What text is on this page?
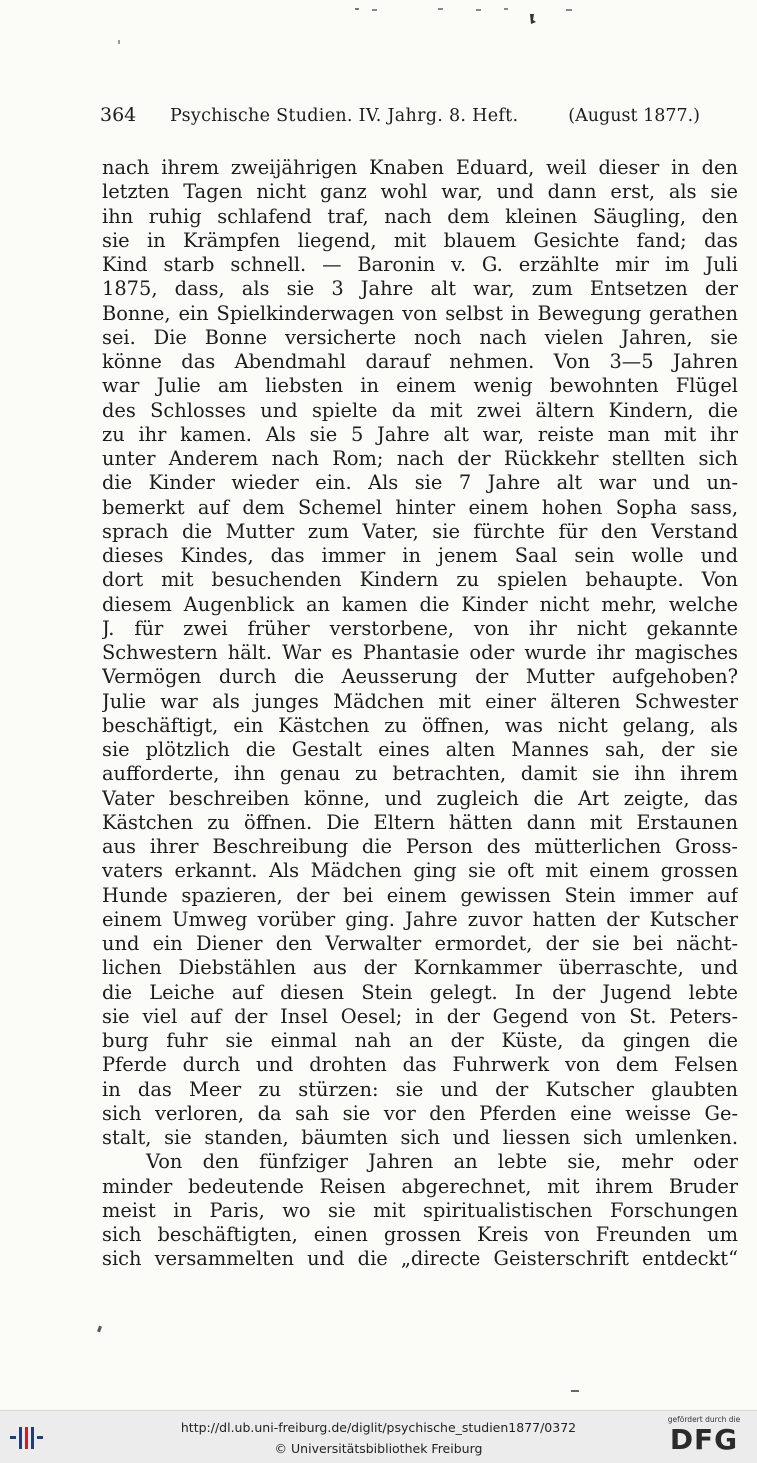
364 Psychische Studien. IV. Jahrg. 8. Heft.	(August 1877.)
nach ihrem zweijährigen Knaben Eduard, weil dieser in den
letzten Tagen nicht ganz wohl war, und dann erst, als sie
ihn ruhig schlafend traf, nach dem kleinen Säugling, den
sie in Krämpfen liegend, mit blauem Gesichte fand; das
Kind starb schnell. — Baronin v. G. erzählte mir im Juli
1875, dass, als sie 3 Jahre alt war, zum Entsetzen der
Bonne, ein Spielkinderwagen von selbst in Bewegung gerathen
sei. Die Bonne versicherte noch nach vielen Jahren, sie
könne das Abendmahl darauf nehmen. Von 3—5 Jahren
war Julie am liebsten in einem wenig bewohnten Flügel
des Schlosses und spielte da mit zwei ältern Kindern, die
zu ihr kamen. Als sie 5 Jahre alt war, reiste man mit ihr
unter Anderem nach Rom; nach der Rückkehr stellten sich
die Kinder wieder ein. Als sie 7 Jahre alt war und un-
bemerkt auf dem Schemel hinter einem hohen Sopha sass,
sprach die Mutter zum Vater, sie fürchte für den Verstand
dieses Kindes, das immer in jenem Saal sein wolle und
dort mit besuchenden Kindern zu spielen behaupte. Von
diesem Augenblick an kamen die Kinder nicht mehr, welche
J. für zwei früher verstorbene, von ihr nicht gekannte
Schwestern hält. War es Phantasie oder wurde ihr magisches
Vermögen durch die Aeusserung der Mutter aufgehoben?
Julie war als junges Mädchen mit einer älteren Schwester
beschäftigt, ein Kästchen zu öffnen, was nicht gelang, als
sie plötzlich die Gestalt eines alten Mannes sah, der sie
aufforderte, ihn genau zu betrachten, damit sie ihn ihrem
Vater beschreiben könne, und zugleich die Art zeigte, das
Kästchen zu öffnen. Die Eltern hätten dann mit Erstaunen
aus ihrer Beschreibung die Person des mütterlichen Gross-
vaters erkannt. Als Mädchen ging sie oft mit einem grossen
Hunde spazieren, der bei einem gewissen Stein immer auf
einem Umweg vorüber ging. Jahre zuvor hatten der Kutscher
und ein Diener den Verwalter ermordet, der sie bei nächt-
lichen Diebstählen aus der Kornkammer überraschte, und
die Leiche auf diesen Stein gelegt. In der Jugend lebte
sie viel auf der Insel Oesel; in der Gegend von St. Peters-
burg fuhr sie einmal nah an der Küste, da gingen die
Pferde durch und drohten das Fuhrwerk von dem Felsen
in das Meer zu stürzen: sie und der Kutscher glaubten
sich verloren, da sah sie vor den Pferden eine weisse Ge-
stalt, sie standen, bäumten sich und liessen sich umlenken.
Von den fünfziger Jahren an lebte sie, mehr oder
minder bedeutende Reisen abgerechnet, mit ihrem Bruder
meist in Paris, wo sie mit spiritualistischen Forschungen
sich beschäftigten, einen grossen Kreis von Freunden um
sich versammelten und die „directe Geisterschrift entdeckt“
http://dl.ub.uni-freiburg.de/diglit/psychische_studien1877/0372
© Universitätsbibliothek Freiburg
gefördert durch die
DFG
